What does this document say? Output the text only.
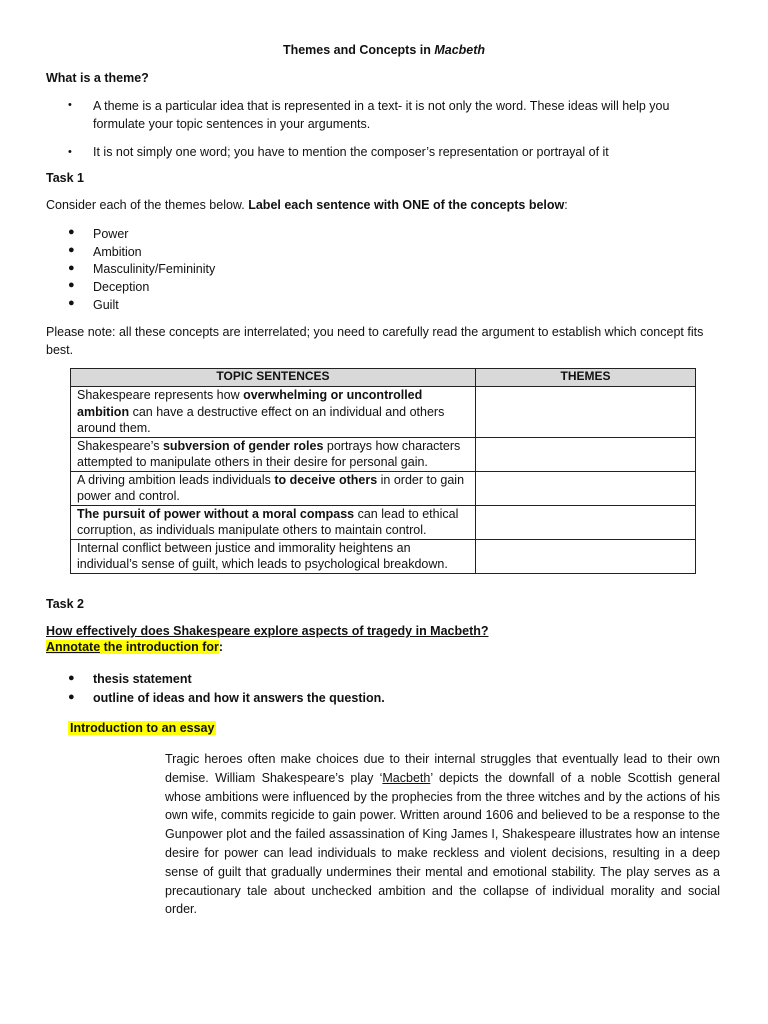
Themes and Concepts in Macbeth
What is a theme?
• A theme is a particular idea that is represented in a text- it is not only the word. These ideas will help you formulate your topic sentences in your arguments.
• It is not simply one word; you have to mention the composer’s representation or portrayal of it
Task 1
Consider each of the themes below. Label each sentence with ONE of the concepts below:
● Power
● Ambition
● Masculinity/Femininity
● Deception
● Guilt
Please note: all these concepts are interrelated; you need to carefully read the argument to establish which concept fits best.
TOPIC SENTENCES	THEMES
Shakespeare represents how overwhelming or uncontrolled ambition can have a destructive effect on an individual and others around them.	
Shakespeare’s subversion of gender roles portrays how characters attempted to manipulate others in their desire for personal gain.	
A driving ambition leads individuals to deceive others in order to gain power and control.	
The pursuit of power without a moral compass can lead to ethical corruption, as individuals manipulate others to maintain control.	
Internal conflict between justice and immorality heightens an individual’s sense of guilt, which leads to psychological breakdown.	
Task 2
How effectively does Shakespeare explore aspects of tragedy in Macbeth?
Annotate the introduction for:
● thesis statement
● outline of ideas and how it answers the question.
Introduction to an essay
Tragic heroes often make choices due to their internal struggles that eventually lead to their own demise. William Shakespeare’s play ‘Macbeth’ depicts the downfall of a noble Scottish general whose ambitions were influenced by the prophecies from the three witches and by the actions of his own wife, commits regicide to gain power. Written around 1606 and believed to be a response to the Gunpower plot and the failed assassination of King James I, Shakespeare illustrates how an intense desire for power can lead individuals to make reckless and violent decisions, resulting in a deep sense of guilt that gradually undermines their mental and emotional stability. The play serves as a precautionary tale about unchecked ambition and the collapse of individual morality and social order.
